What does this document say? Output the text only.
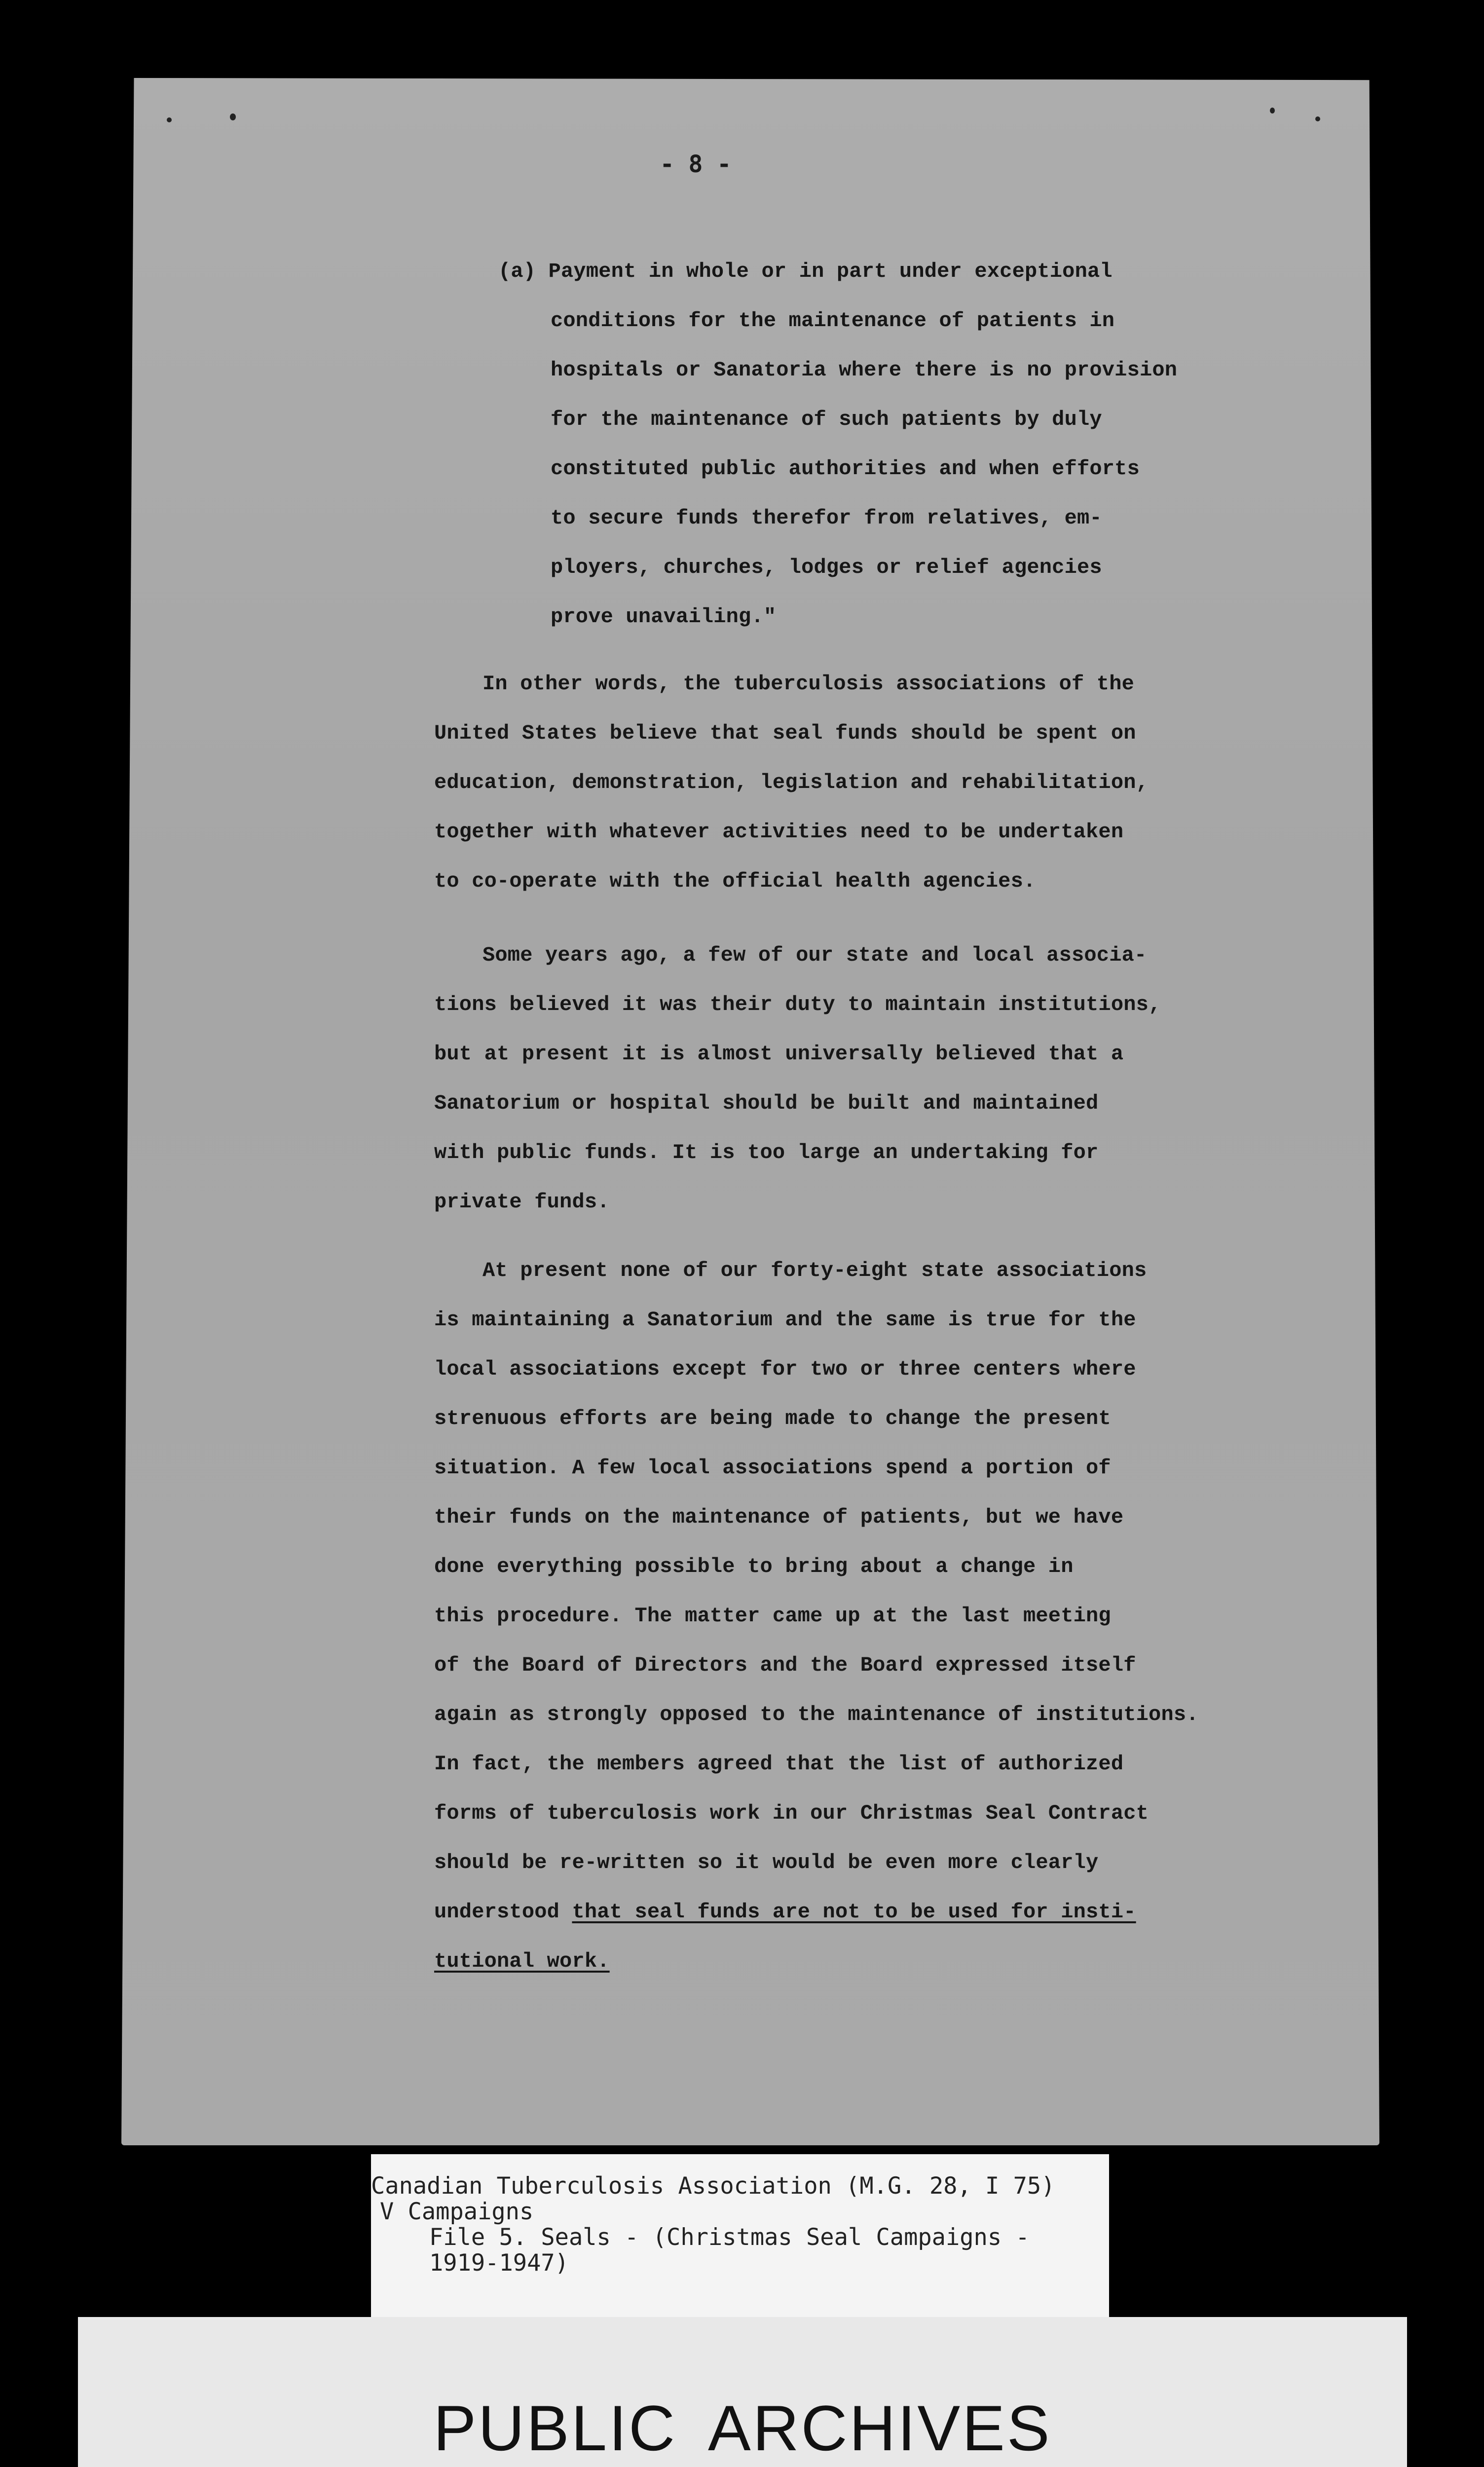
- 8 -
(a) Payment in whole or in part under exceptional
conditions for the maintenance of patients in
hospitals or Sanatoria where there is no provision
for the maintenance of such patients by duly
constituted public authorities and when efforts
to secure funds therefor from relatives, em-
ployers, churches, lodges or relief agencies
prove unavailing."
In other words, the tuberculosis associations of the
United States believe that seal funds should be spent on
education, demonstration, legislation and rehabilitation,
together with whatever activities need to be undertaken
to co-operate with the official health agencies.
Some years ago, a few of our state and local associa-
tions believed it was their duty to maintain institutions,
but at present it is almost universally believed that a
Sanatorium or hospital should be built and maintained
with public funds. It is too large an undertaking for
private funds.
At present none of our forty-eight state associations
is maintaining a Sanatorium and the same is true for the
local associations except for two or three centers where
strenuous efforts are being made to change the present
situation. A few local associations spend a portion of
their funds on the maintenance of patients, but we have
done everything possible to bring about a change in
this procedure. The matter came up at the last meeting
of the Board of Directors and the Board expressed itself
again as strongly opposed to the maintenance of institutions.
In fact, the members agreed that the list of authorized
forms of tuberculosis work in our Christmas Seal Contract
should be re-written so it would be even more clearly
understood that seal funds are not to be used for insti-
tutional work.
Canadian Tuberculosis Association (M.G. 28, I 75)
V Campaigns
File 5. Seals - (Christmas Seal Campaigns -
1919-1947)
PUBLIC ARCHIVES
